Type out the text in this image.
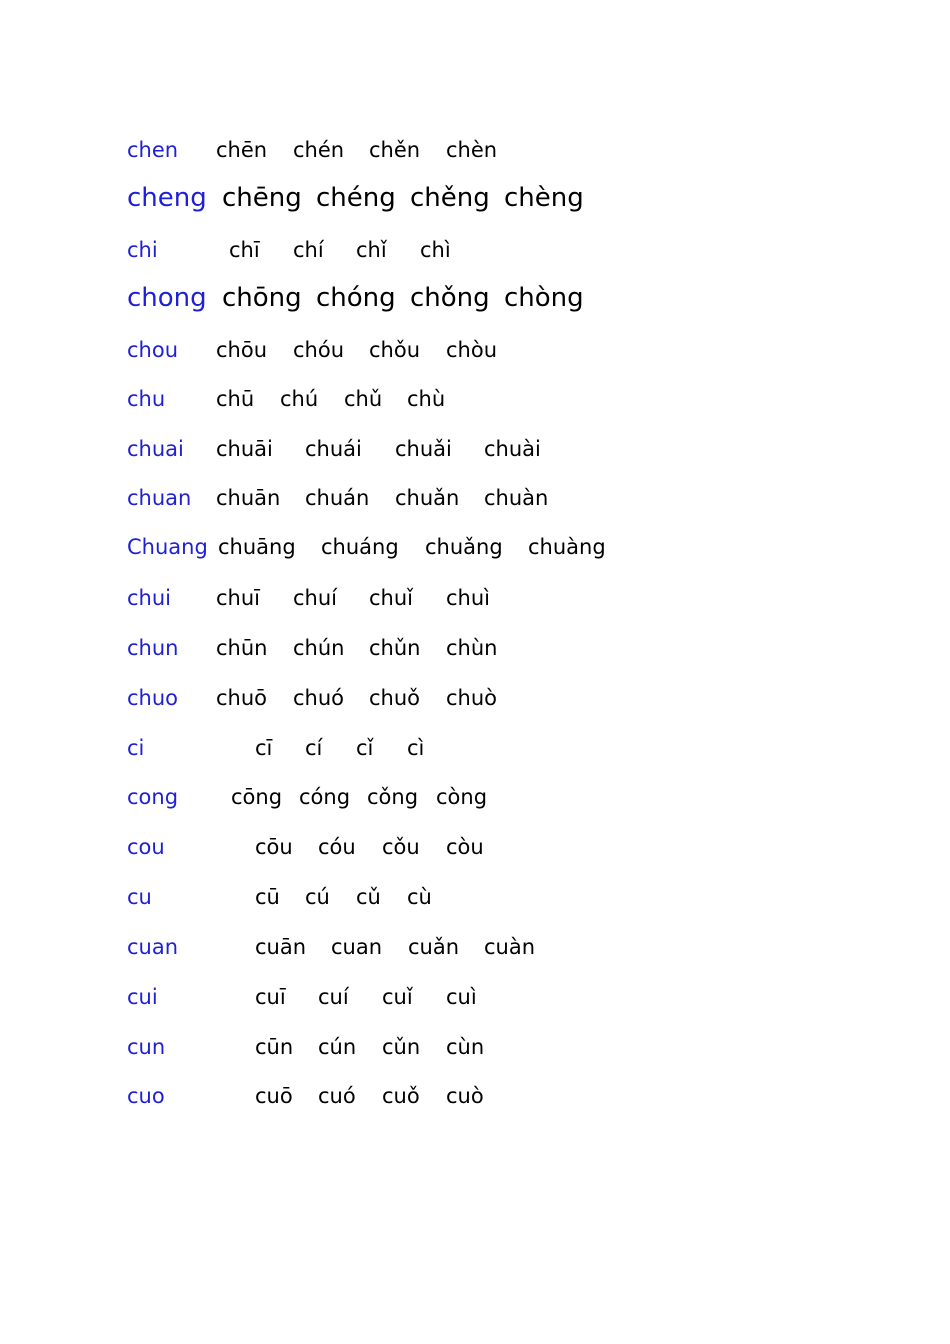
chen chēn chén chěn chèn
cheng chēng chéng chěng chèng
chi	chī chí chǐ chì
chong chōng chóng chǒng chòng
chou chōu chóu chǒu chòu
chu chū chú chǔ chù
chuai chuāi chuái chuǎi chuài
chuan chuān chuán chuǎn chuàn
Chuang chuāng chuáng chuǎng chuàng
chui chuī chuí chuǐ chuì
chun chūn chún chǔn chùn
chuo chuō chuó chuǒ chuò
ci	cī cí cǐ cì
cong	cōng cóng cǒng còng
cou	cōu cóu cǒu còu
cu	cū cú cǔ cù
cuan	cuān cuan cuǎn cuàn
cui	cuī cuí cuǐ cuì
cun	cūn cún cǔn cùn
cuo	cuō cuó cuǒ cuò
